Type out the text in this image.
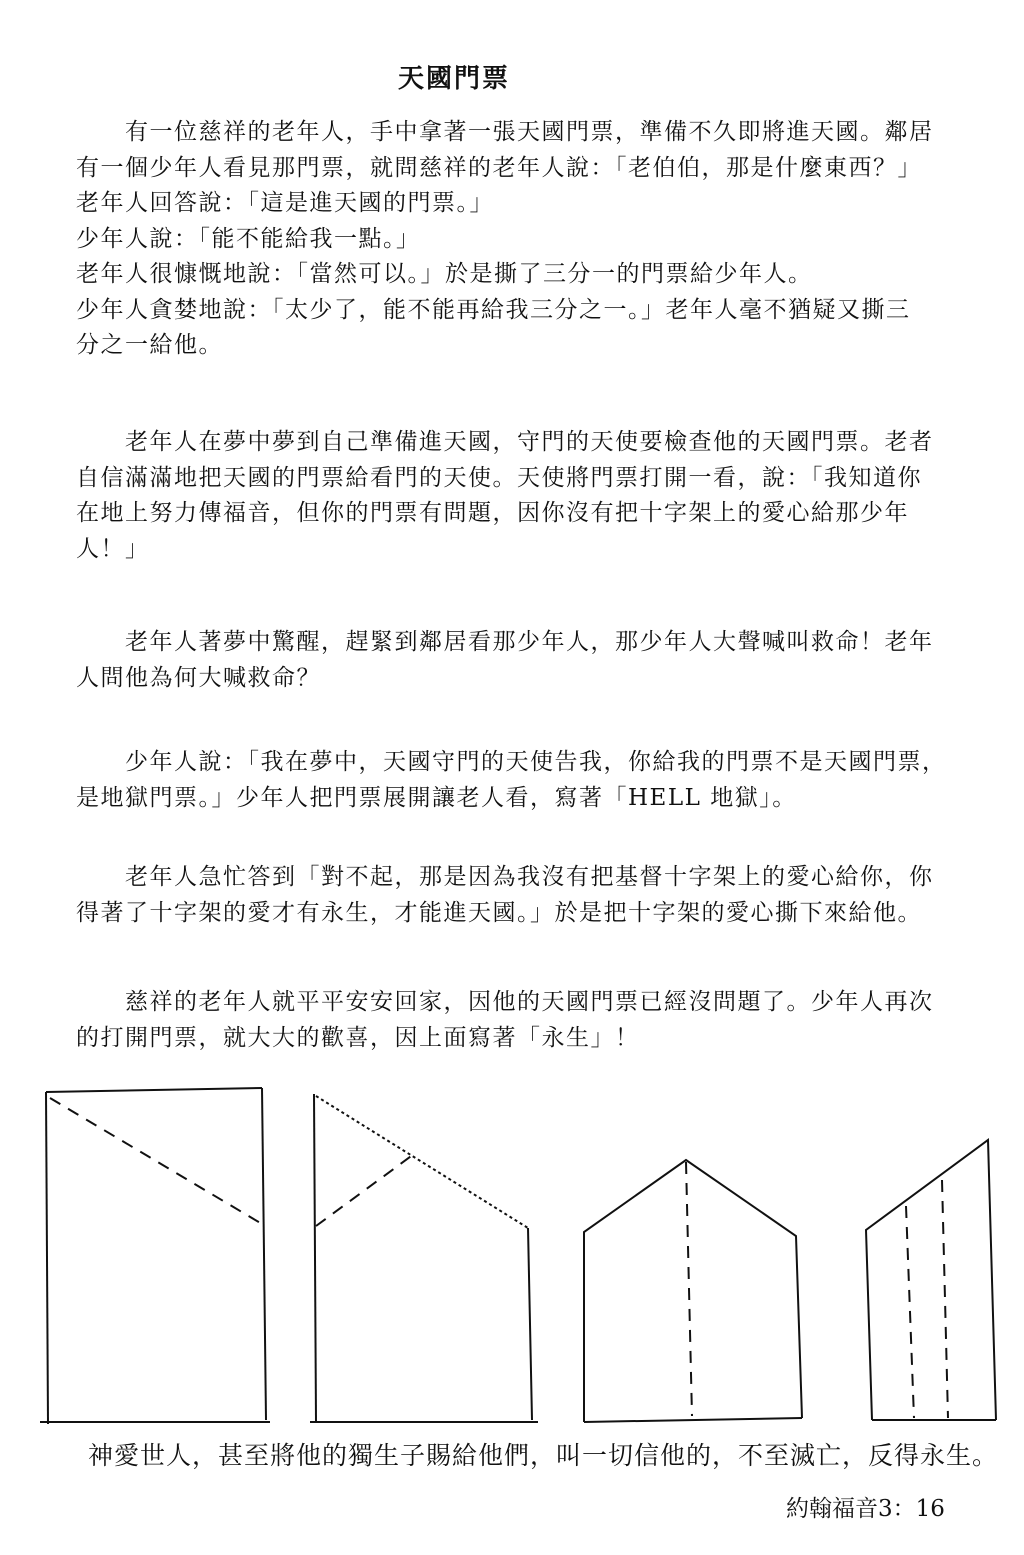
天國門票
　　有一位慈祥的老年人，手中拿著一張天國門票，準備不久即將進天國。鄰居
有一個少年人看見那門票，就問慈祥的老年人說：「老伯伯，那是什麼東西？」
老年人回答說：「這是進天國的門票。」
少年人說：「能不能給我一點。」
老年人很慷慨地說：「當然可以。」於是撕了三分一的門票給少年人。
少年人貪婪地說：「太少了，能不能再給我三分之一。」老年人毫不猶疑又撕三
分之一給他。
　　老年人在夢中夢到自己準備進天國，守門的天使要檢查他的天國門票。老者
自信滿滿地把天國的門票給看門的天使。天使將門票打開一看，說：「我知道你
在地上努力傳福音，但你的門票有問題，因你沒有把十字架上的愛心給那少年
人！」
　　老年人著夢中驚醒，趕緊到鄰居看那少年人，那少年人大聲喊叫救命！老年
人問他為何大喊救命？
　　少年人說：「我在夢中，天國守門的天使告我，你給我的門票不是天國門票，
是地獄門票。」少年人把門票展開讓老人看，寫著「HELL 地獄」。
　　老年人急忙答到「對不起，那是因為我沒有把基督十字架上的愛心給你，你
得著了十字架的愛才有永生，才能進天國。」於是把十字架的愛心撕下來給他。
　　慈祥的老年人就平平安安回家，因他的天國門票已經沒問題了。少年人再次
的打開門票，就大大的歡喜，因上面寫著「永生」！
神愛世人，甚至將他的獨生子賜給他們，叫一切信他的，不至滅亡，反得永生。
約翰福音3：16
